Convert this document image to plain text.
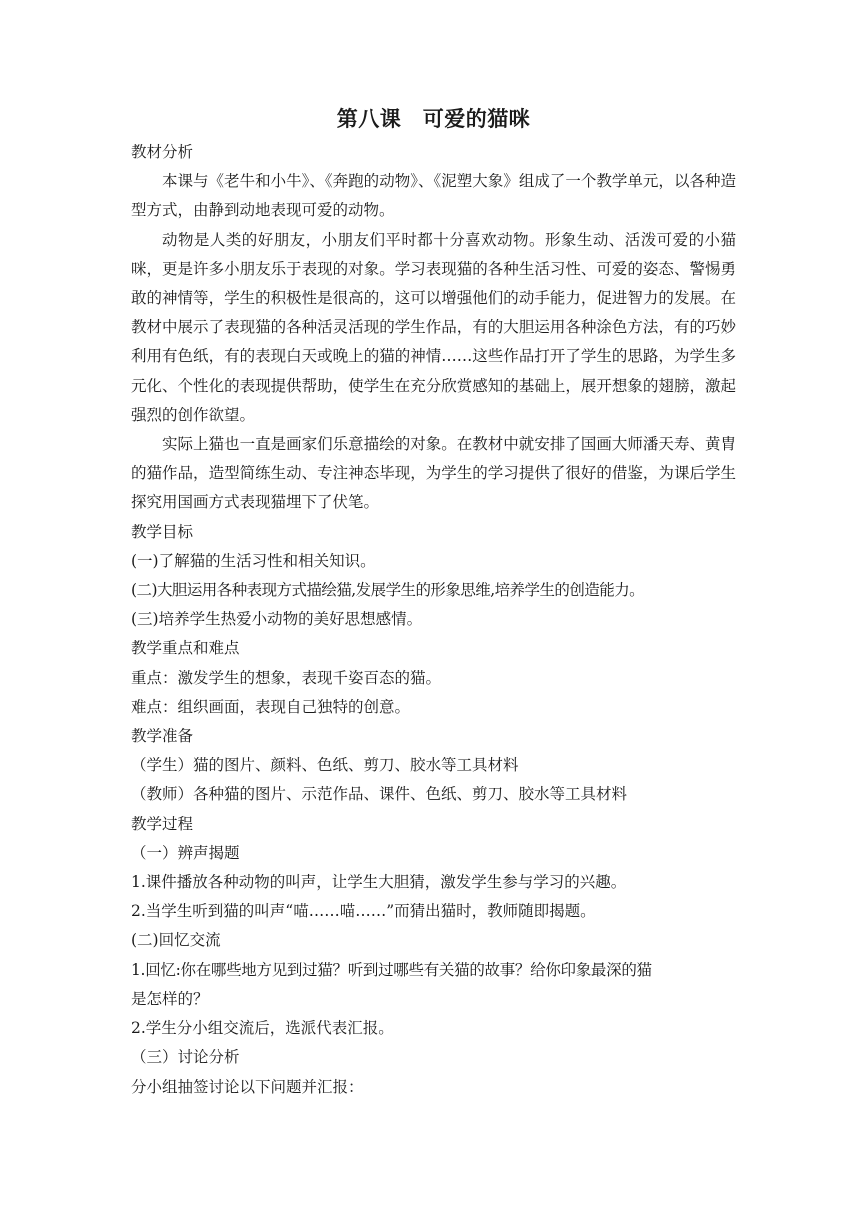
第八课　可爱的猫咪
教材分析
本课与《老牛和小牛》、《奔跑的动物》、《泥塑大象》组成了一个教学单元，以各种造型方式，由静到动地表现可爱的动物。
动物是人类的好朋友，小朋友们平时都十分喜欢动物。形象生动、活泼可爱的小猫咪，更是许多小朋友乐于表现的对象。学习表现猫的各种生活习性、可爱的姿态、警惕勇敢的神情等，学生的积极性是很高的，这可以增强他们的动手能力，促进智力的发展。在教材中展示了表现猫的各种活灵活现的学生作品，有的大胆运用各种涂色方法，有的巧妙利用有色纸，有的表现白天或晚上的猫的神情……这些作品打开了学生的思路，为学生多元化、个性化的表现提供帮助，使学生在充分欣赏感知的基础上，展开想象的翅膀，激起强烈的创作欲望。
实际上猫也一直是画家们乐意描绘的对象。在教材中就安排了国画大师潘天寿、黄胄的猫作品，造型简练生动、专注神态毕现，为学生的学习提供了很好的借鉴，为课后学生探究用国画方式表现猫埋下了伏笔。
教学目标
(一)了解猫的生活习性和相关知识。
(二)大胆运用各种表现方式描绘猫,发展学生的形象思维,培养学生的创造能力。
(三)培养学生热爱小动物的美好思想感情。
教学重点和难点
重点：激发学生的想象，表现千姿百态的猫。
难点：组织画面，表现自己独特的创意。
教学准备
（学生）猫的图片、颜料、色纸、剪刀、胶水等工具材料
（教师）各种猫的图片、示范作品、课件、色纸、剪刀、胶水等工具材料
教学过程
（一）辨声揭题
1.课件播放各种动物的叫声，让学生大胆猜，激发学生参与学习的兴趣。
2.当学生听到猫的叫声“喵……喵……”而猜出猫时，教师随即揭题。
(二)回忆交流
1.回忆:你在哪些地方见到过猫？听到过哪些有关猫的故事？给你印象最深的猫
是怎样的？
2.学生分小组交流后，选派代表汇报。
（三）讨论分析
分小组抽签讨论以下问题并汇报：
